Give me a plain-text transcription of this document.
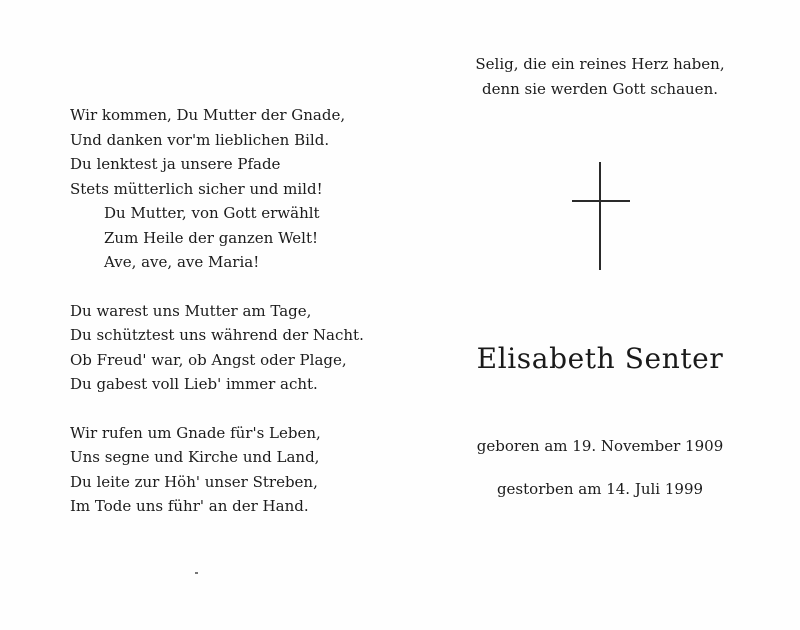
Wir kommen, Du Mutter der Gnade,
Und danken vor'm lieblichen Bild.
Du lenktest ja unsere Pfade
Stets mütterlich sicher und mild!
Du Mutter, von Gott erwählt
Zum Heile der ganzen Welt!
Ave, ave, ave Maria!
Du warest uns Mutter am Tage,
Du schütztest uns während der Nacht.
Ob Freud' war, ob Angst oder Plage,
Du gabest voll Lieb' immer acht.
Wir rufen um Gnade für's Leben,
Uns segne und Kirche und Land,
Du leite zur Höh' unser Streben,
Im Tode uns führ' an der Hand.
Selig, die ein reines Herz haben,
denn sie werden Gott schauen.
Elisabeth Senter
geboren am 19. November 1909
gestorben am 14. Juli 1999
